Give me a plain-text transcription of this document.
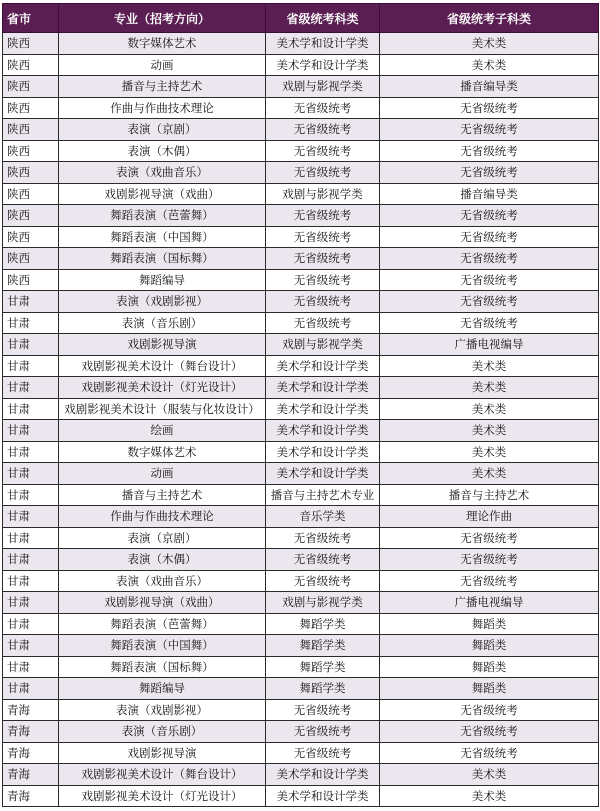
省市	专业（招考方向）	省级统考科类	省级统考子科类
陕西	数字媒体艺术	美术学和设计学类	美术类
陕西	动画	美术学和设计学类	美术类
陕西	播音与主持艺术	戏剧与影视学类	播音编导类
陕西	作曲与作曲技术理论	无省级统考	无省级统考
陕西	表演（京剧）	无省级统考	无省级统考
陕西	表演（木偶）	无省级统考	无省级统考
陕西	表演（戏曲音乐）	无省级统考	无省级统考
陕西	戏剧影视导演（戏曲）	戏剧与影视学类	播音编导类
陕西	舞蹈表演（芭蕾舞）	无省级统考	无省级统考
陕西	舞蹈表演（中国舞）	无省级统考	无省级统考
陕西	舞蹈表演（国标舞）	无省级统考	无省级统考
陕西	舞蹈编导	无省级统考	无省级统考
甘肃	表演（戏剧影视）	无省级统考	无省级统考
甘肃	表演（音乐剧）	无省级统考	无省级统考
甘肃	戏剧影视导演	戏剧与影视学类	广播电视编导
甘肃	戏剧影视美术设计（舞台设计）	美术学和设计学类	美术类
甘肃	戏剧影视美术设计（灯光设计）	美术学和设计学类	美术类
甘肃	戏剧影视美术设计（服装与化妆设计）	美术学和设计学类	美术类
甘肃	绘画	美术学和设计学类	美术类
甘肃	数字媒体艺术	美术学和设计学类	美术类
甘肃	动画	美术学和设计学类	美术类
甘肃	播音与主持艺术	播音与主持艺术专业	播音与主持艺术
甘肃	作曲与作曲技术理论	音乐学类	理论作曲
甘肃	表演（京剧）	无省级统考	无省级统考
甘肃	表演（木偶）	无省级统考	无省级统考
甘肃	表演（戏曲音乐）	无省级统考	无省级统考
甘肃	戏剧影视导演（戏曲）	戏剧与影视学类	广播电视编导
甘肃	舞蹈表演（芭蕾舞）	舞蹈学类	舞蹈类
甘肃	舞蹈表演（中国舞）	舞蹈学类	舞蹈类
甘肃	舞蹈表演（国标舞）	舞蹈学类	舞蹈类
甘肃	舞蹈编导	舞蹈学类	舞蹈类
青海	表演（戏剧影视）	无省级统考	无省级统考
青海	表演（音乐剧）	无省级统考	无省级统考
青海	戏剧影视导演	无省级统考	无省级统考
青海	戏剧影视美术设计（舞台设计）	美术学和设计学类	美术类
青海	戏剧影视美术设计（灯光设计）	美术学和设计学类	美术类
